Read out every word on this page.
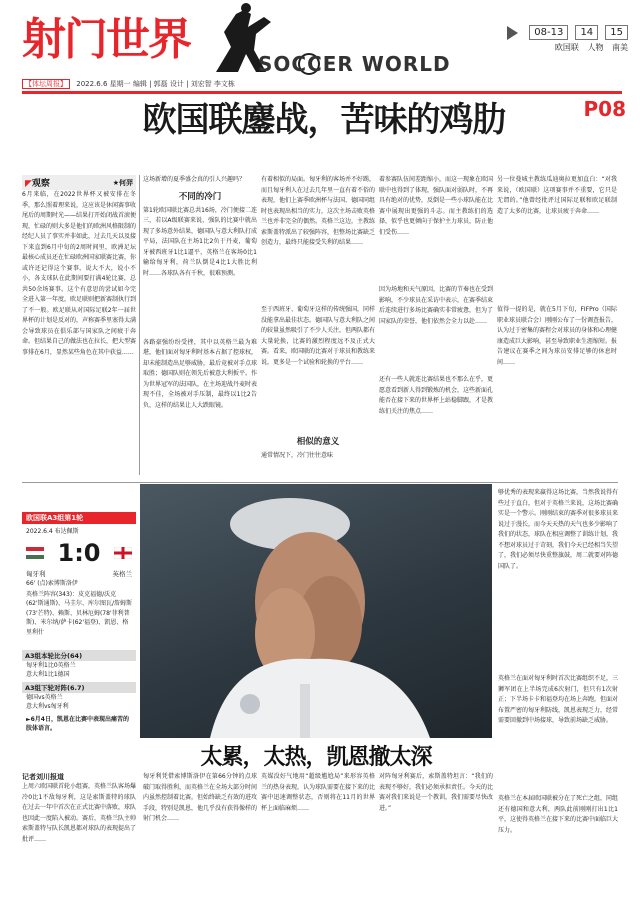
射门世界	SOCCER WORLD
08-13 14 15
欧国联 人物 南美
【体坛周报】 2022.6.6 星期一 编辑 | 郭磊 设计 | 刘宏智 李文栋
P08
欧国联鏖战，苦味的鸡肋
◤观察	★何羿
6月来临，在2022世界杯又被安排在冬季，那么照着理来说，这应该是休闲赛事收尾后的周期时光——结果打开始闭战首滚便现，忙碌的则大多是他们的欧洲风格限制的经纪人员了事实并非如此，过去几天以及接下来直到6月中旬的2周时间里，欧洲足坛最核心成员还在忙碌欧洲国家联赛比赛，你或许还记得这个赛事，说大不大，说小不小，各支球队在此期间要打满4轮比赛，总共50余场赛事。这个有意思的尝试如今完全进入第一年度，欧足联则把新赛制执行到了不一般。欧足联从对国际足联2年一届世界杯的计划是反对的，声称赛季里塞得太满会导致球员在俱乐部与国家队之间疲于奔命。但结果自己的做法也在拉长，把大型赛事排在6月，显然某些角色在其中获益……
这场新增的夏季盛会真的引人兴趣吗？
不同的冷门
第1轮欧国联比赛总共16场，冷门便接二连三，若以A级联赛来说，强队的比赛中就出现了多场意外结果，德国队与意大利队打成平局，法国队在主场1比2负于丹麦，葡萄牙被西班牙1比1逼平，英格兰在客场0比1输给匈牙利，荷兰队倒是4比1大胜比利时……各球队各有千秋，很难预测。
各路豪强纷纷受挫，其中以英格兰最为难堪，他们面对匈牙利时基本占据了控球权，却未能制造出足够威胁，最后竟被对手点球取胜；德国队则在领先后被意大利扳平。作为世界冠军的法国队，在主场迎战丹麦时表现不佳，全场被对手压制，最终以1比2告负，这样的结果让人大跌眼镜。
有着相似的局面。匈牙利的客场并不好踢，而且匈牙利人在过去几年里一直有着不俗的表现，他们上赛季欧洲杯与法国、德国同组时也表现出相当的实力，这次主场击败英格兰也并非完全的偶然。英格兰这边，主教练索斯盖特派出了较强阵容，但整场比赛缺乏创造力，最终只能接受失利的结果……
至于西班牙、葡萄牙这样的传统强国，同样没能拿出最佳状态。德国队与意大利队之间的较量虽然吸引了不少人关注，但两队都有大量轮换，比赛的激烈程度远不及正式大赛。看来，欧国联的比赛对于球员和教练来说，更多是一个试验和轮换的平台……
相似的意义
通常情况下，冷门往往意味
着参赛队伍间差距缩小，而这一现象在欧国联中也得到了体现，强队面对弱队时，不再具有绝对的优势，反倒是一些小球队能在比赛中展现出更强的斗志。而主教练们的选择，似乎也更倾向于保护主力球员，防止他们受伤……
因为场地和天气原因，比赛的节奏也在受到影响，不少球员在采访中表示，在赛季结束后连续进行多场比赛确实非常疲惫，但为了国家队的荣誉，他们依然会全力以赴……
还有一些人就连比赛结果也不那么在乎，更愿意看到新人得到锻炼的机会，这些新面孔能否在接下来的世界杯上站稳脚跟，才是教练们关注的焦点……
另一位曼城主教练瓜迪奥拉更加直白：“对我来说，（欧国联）这项赛事并不重要，它只是无谓的。”他曾经批评过国际足联和欧足联制造了太多的比赛，让球员疲于奔命……
值得一提的是，就在5月下旬，FIFPro（国际职业球员联合会）刚刚公布了一份调查报告，认为过于密集的赛程会对球员的身体和心理健康造成巨大影响，甚至导致职业生涯缩短。报告建议在赛季之间为球员安排足够的休息时间……
欧国联A3组第1轮
2022.6.4 布达佩斯
1:0
匈牙利	英格兰
66' (点)索博斯洛伊
英格兰阵容(343)：皮克福德/沃克(62'斯通斯)、马圭尔、库尔图瓦/詹姆斯(73'芒特)、赖斯、贝林厄姆(78'菲利普斯)、米尔纳/萨卡(62'福登)、凯恩、格里利什
A3组本轮比分(64)
匈牙利1比0英格兰
意大利1比1德国
A3组下轮对阵(6.7)
德国vs英格兰
意大利vs匈牙利
►6月4日，凯恩在比赛中表现出痛苦的肢体语言。
太累，太热，凯恩撤太深
够优秀的表现来赢得这场比赛，当然我说得有些过于直白，但对于英格兰来说，这场比赛确实是一个警示。刚刚结束的赛季对很多球员来说过于漫长，而今天天热的天气也多少影响了我们的状态，球队在相应调整了训练计划，我不想对球员过于苛刻，我们今天已经相当失望了，我们必须尽快重整旗鼓，周二就要对阵德国队了。
英格兰在面对匈牙利时首次比赛组织不足，三狮军团在上半场完成6次射门，但只有1次射正；下半场卡卡和福登均在场上奔跑，但面对布置严密的匈牙利防线，凯恩表现乏力，经常需要回撤到中场接球，导致前场缺乏威胁。
英格兰在本届欧国联被分在了死亡之组，同组还有德国和意大利，两队此前刚刚打出1比1平，这使得英格兰在接下来的比赛中面临巨大压力。
记者刘川报道
上周六欧国联首轮小组赛，英格兰队客场爆冷0比1不敌匈牙利，这是索斯盖特的球队在过去一年中首次在正式比赛中落败，球队也因此一度陷入被动。赛后，英格兰队主帅索斯盖特与队长凯恩都对球队的表现提出了批评……
匈牙利凭借索博斯洛伊在第66分钟的点球破门取得胜利，而英格兰在全场大部分时间内虽然控制着比赛，但始终缺乏有效的进攻手段，特别是凯恩，他几乎没有获得像样的射门机会……
英媒没好气地用“超级尴尬局”来形容英格兰的热身表现，认为球队需要在接下来的比赛中迅速调整状态，否则将在11月的世界杯上面临麻烦……
对阵匈牙利赛后，索斯盖特坦言：“我们的表现不够好，我们必须承担责任。今天的比赛对我们来说是一个教训，我们需要尽快改进。”
